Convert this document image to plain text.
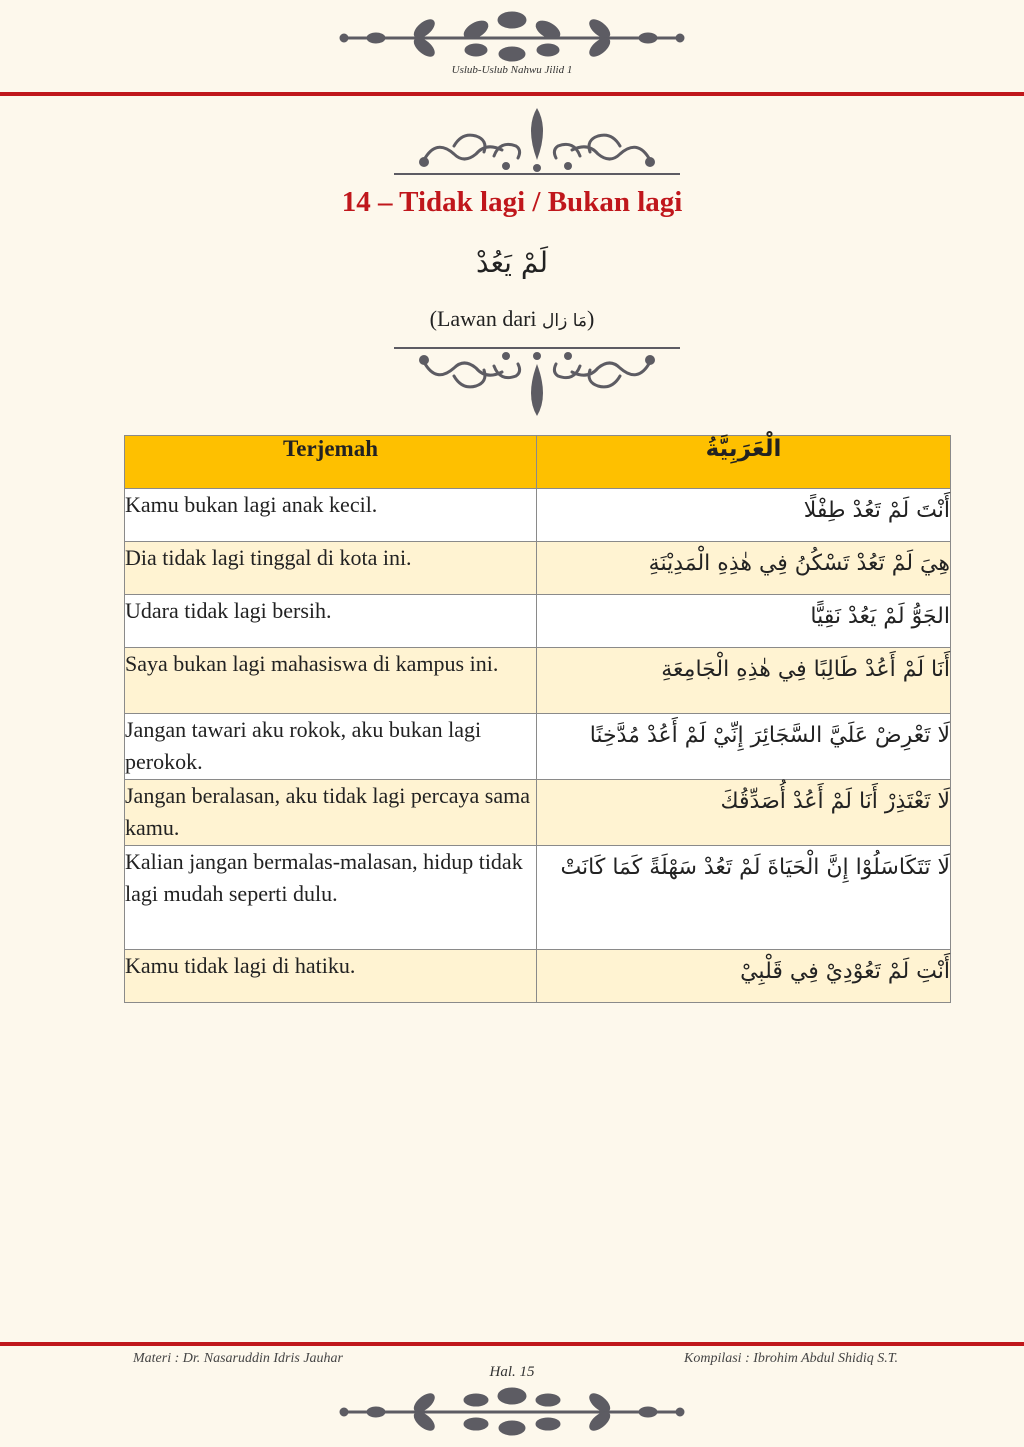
Uslub-Uslub Nahwu Jilid 1
14 – Tidak lagi / Bukan lagi
لَمْ يَعُدْ
(Lawan dari مَا زال)
Terjemah	الْعَرَبِيَّةُ
Kamu bukan lagi anak kecil.	أَنْتَ لَمْ تَعُدْ طِفْلًا
Dia tidak lagi tinggal di kota ini.	هِيَ لَمْ تَعُدْ تَسْكُنُ فِي هٰذِهِ الْمَدِيْنَةِ
Udara tidak lagi bersih.	الجَوُّ لَمْ يَعُدْ نَقِيًّا
Saya bukan lagi mahasiswa di kampus ini.	أَنَا لَمْ أَعُدْ طَالِبًا فِي هٰذِهِ الْجَامِعَةِ
Jangan tawari aku rokok, aku bukan lagi perokok.	لَا تَعْرِضْ عَلَيَّ السَّجَائِرَ إِنِّيْ لَمْ أَعُدْ مُدَّخِنًا
Jangan beralasan, aku tidak lagi percaya sama kamu.	لَا تَعْتَذِرْ أَنَا لَمْ أَعُدْ أُصَدِّقُكَ
Kalian jangan bermalas-malasan, hidup tidak lagi mudah seperti dulu.	لَا تَتَكَاسَلُوْا إِنَّ الْحَيَاةَ لَمْ تَعُدْ سَهْلَةً كَمَا كَانَتْ
Kamu tidak lagi di hatiku.	أَنْتِ لَمْ تَعُوْدِيْ فِي قَلْبِيْ
Materi : Dr. Nasaruddin Idris Jauhar	Kompilasi : Ibrohim Abdul Shidiq S.T.
Hal. 15
